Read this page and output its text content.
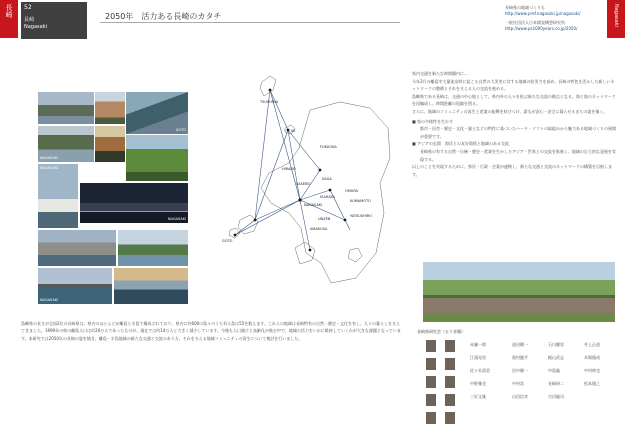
長崎	52
長崎
Nagasaki
2050年　活力ある長崎のカタチ
長崎県の地域づくりも
http://www.pref.nagasaki.jp/nagasaki/
一般社団法人日本開発構想研究所
http://www.ps1000years.co.jp/2050/
Nagasaki
GOTO
NAGASAKI
NAGASAKI
NAGASAKI
NAGASAKI
TSUSHIMA
IKI
FUKUOKA
HIRADO
SASEBO
SAGA
NAGASAKI
ISAHAYA
OMURA
KUMAMOTO
UNZEN
GOTO
AMAKUSA
YATSUSHIRO
県内交通を新たな時間圏内に…
今年3月の離島中大量流出時に起こる自然の大災害に対する地域の防災力を高め、長崎の特色を活かした新しいネットワークの整備とそれを支える人の交流を進める。
島嶼県である長崎は、交通の中心地として、県内外の人々を結ぶ新たな交流の拠点となる。海と陸のネットワークを再編成し、時間距離の短縮を図る。
さらに、地域のコミュニティの再生と産業の振興を結びつけ、誰もが安心・安全に暮らせるまちの姿を描く。
■ 県の多様性を生かす
都市・田舎・歴史・文化・風土などの特性に基づいたハード・ソフトの取組みから魅力ある地域づくりの展開が重要です。
■ アジアの玄関　海洋との友好関係と地域のある交流
長崎県の有する自然・伝統・歴史・産業を生かしたアジア・世界との交流を推進し、地域の自立的な発展を実現する。
以上のことを実現するために、県民・行政・企業が連携し、新たな交通と交流のネットワークの構築を目指します。
島嶼県の長さが全国2位の長崎県は、県内のほとんどが離島と半島で構成されており、県内に約600の島々のうち有人島は55を数えます。これらの地域は長崎特有の自然・歴史・文化を有し、人々の暮らしを支えてきました。1990年の県の離島人口は約20万人であったものが、現在では約14万人と大きく減少しています。今後も人口減少と高齢化が進む中で、地域の活力をいかに維持していくかが大きな課題となっています。本研究では2050年の長崎の姿を描き、離島・半島地域の新たな交通と交流のあり方、それを支える地域コミュニティの再生について検討を行いました。
長崎県研究会（五十音順）
赤瀬一郎	池田剛一	石川慶男	井上正道
江頭光男	奥村龍平	梶山武志	木場隆成
佐々木清美	田中健一	中島聡	中村伸也
中野雅也	中村浩	長崎研二	松本隆之
三好文雄	山田信幸	吉田聡司
